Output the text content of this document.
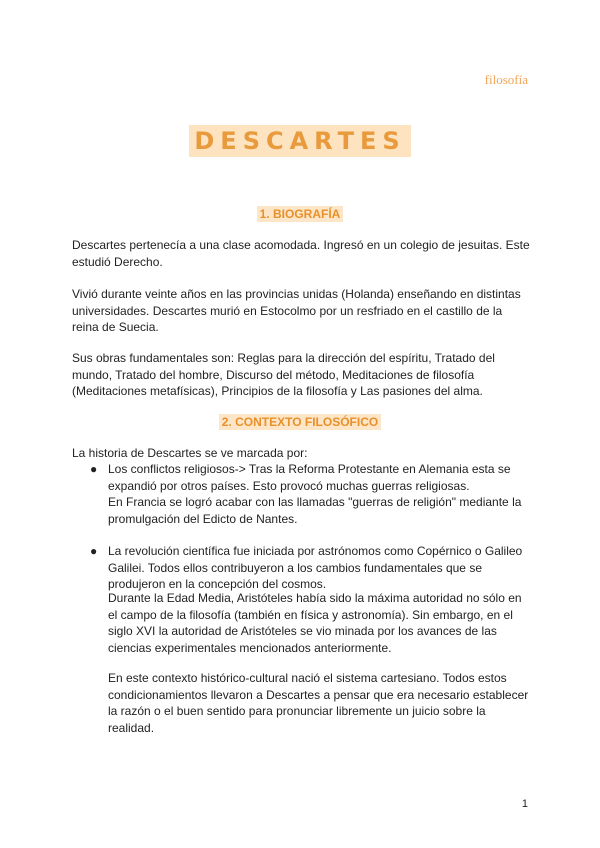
filosofía
DESCARTES
1. BIOGRAFÍA

Descartes pertenecía a una clase acomodada. Ingresó en un colegio de jesuitas. Este estudió Derecho.

Vivió durante veinte años en las provincias unidas (Holanda) enseñando en distintas universidades. Descartes murió en Estocolmo por un resfriado en el castillo de la reina de Suecia.

Sus obras fundamentales son: Reglas para la dirección del espíritu, Tratado del mundo, Tratado del hombre, Discurso del método, Meditaciones de filosofía (Meditaciones metafísicas), Principios de la filosofía y Las pasiones del alma.

2. CONTEXTO FILOSÓFICO

La historia de Descartes se ve marcada por:

● Los conflictos religiosos-> Tras la Reforma Protestante en Alemania esta se expandió por otros países. Esto provocó muchas guerras religiosas.

En Francia se logró acabar con las llamadas "guerras de religión" mediante la promulgación del Edicto de Nantes.

● La revolución científica fue iniciada por astrónomos como Copérnico o Galileo Galilei. Todos ellos contribuyeron a los cambios fundamentales que se produjeron en la concepción del cosmos.

Durante la Edad Media, Aristóteles había sido la máxima autoridad no sólo en el campo de la filosofía (también en física y astronomía). Sin embargo, en el siglo XVI la autoridad de Aristóteles se vio minada por los avances de las ciencias experimentales mencionados anteriormente.

En este contexto histórico-cultural nació el sistema cartesiano. Todos estos condicionamientos llevaron a Descartes a pensar que era necesario establecer la razón o el buen sentido para pronunciar libremente un juicio sobre la realidad.

1
